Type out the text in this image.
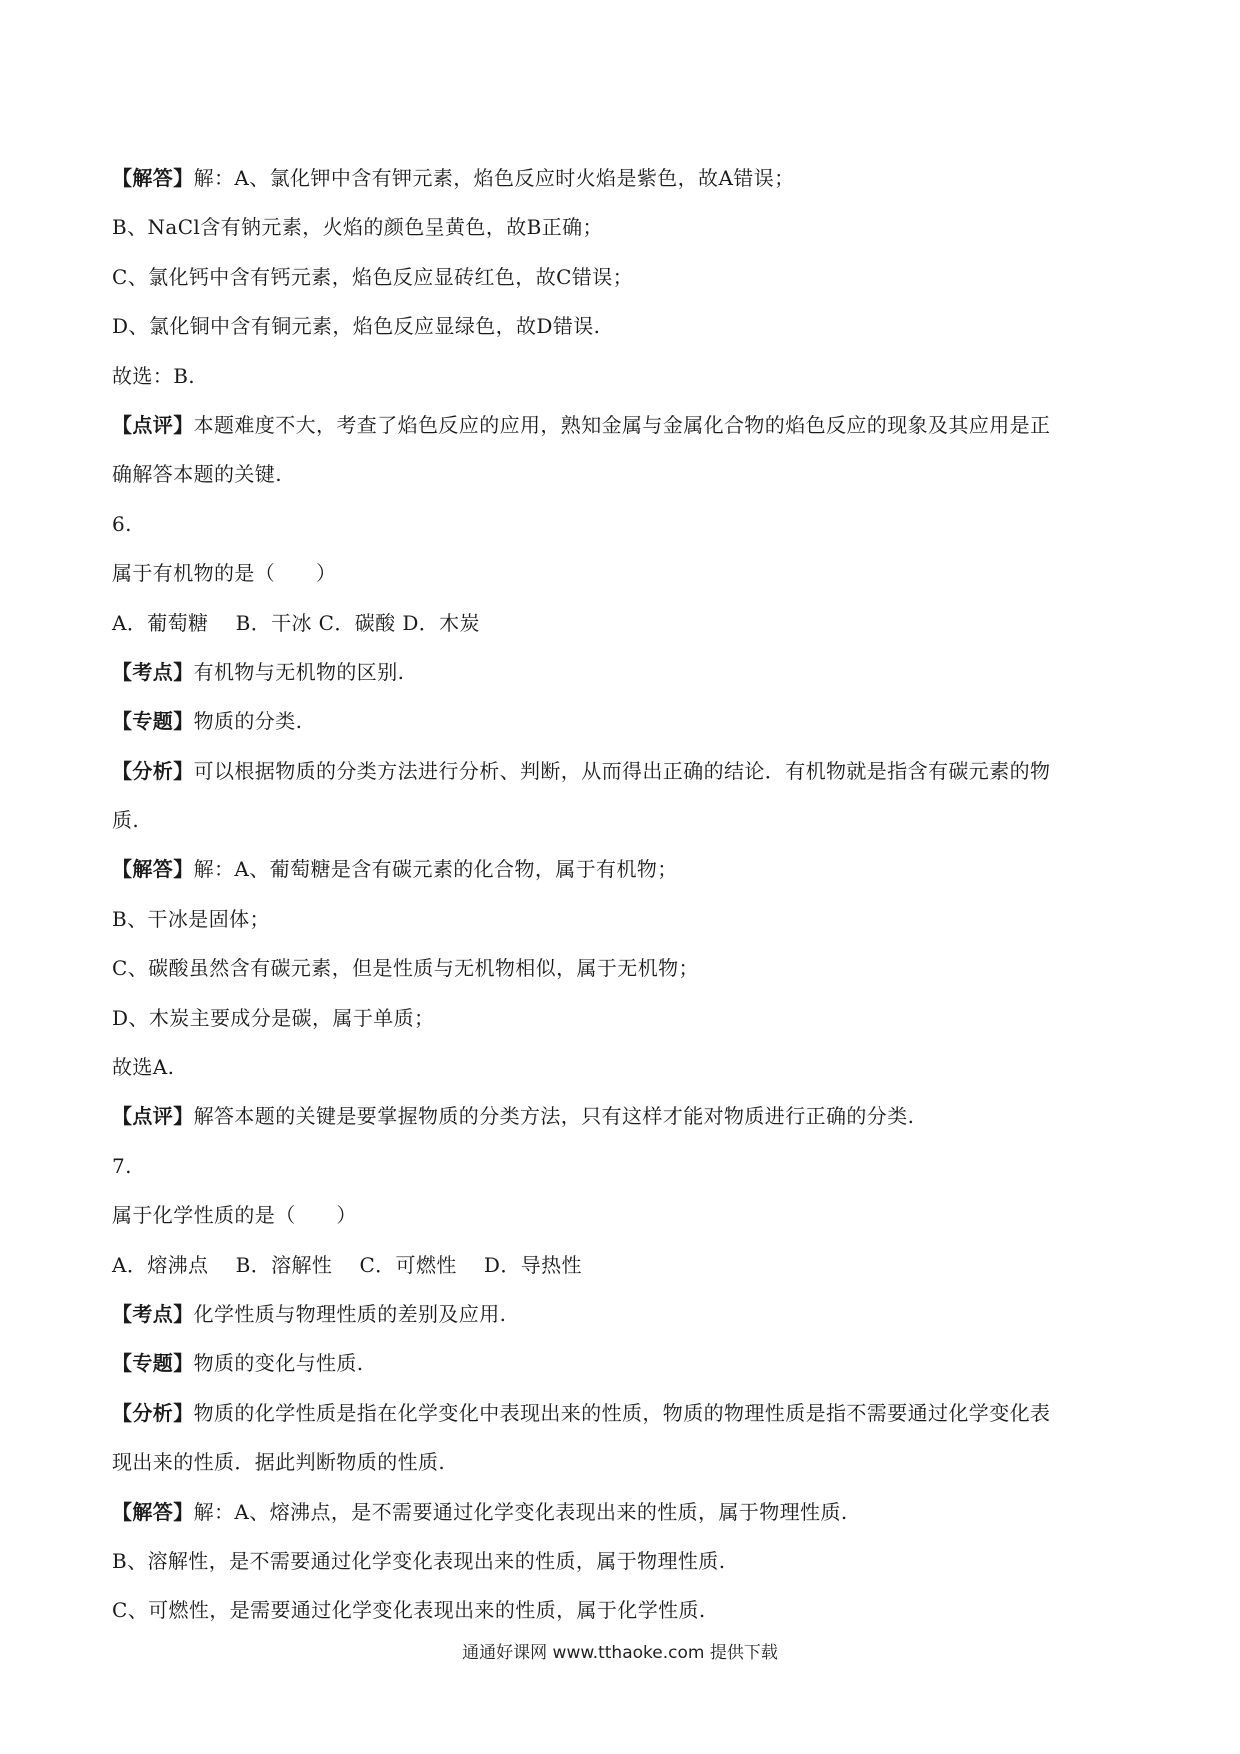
【解答】解：A、氯化钾中含有钾元素，焰色反应时火焰是紫色，故A错误；
B、NaCl含有钠元素，火焰的颜色呈黄色，故B正确；
C、氯化钙中含有钙元素，焰色反应显砖红色，故C错误；
D、氯化铜中含有铜元素，焰色反应显绿色，故D错误.
故选：B.
【点评】本题难度不大，考查了焰色反应的应用，熟知金属与金属化合物的焰色反应的现象及其应用是正
确解答本题的关键.
6.
属于有机物的是（　　）
A．葡萄糖　 B．干冰 C．碳酸 D．木炭
【考点】有机物与无机物的区别.
【专题】物质的分类.
【分析】可以根据物质的分类方法进行分析、判断，从而得出正确的结论．有机物就是指含有碳元素的物
质.
【解答】解：A、葡萄糖是含有碳元素的化合物，属于有机物；
B、干冰是固体；
C、碳酸虽然含有碳元素，但是性质与无机物相似，属于无机物；
D、木炭主要成分是碳，属于单质；
故选A.
【点评】解答本题的关键是要掌握物质的分类方法，只有这样才能对物质进行正确的分类.
7.
属于化学性质的是（　　）
A．熔沸点　 B．溶解性　 C．可燃性　 D．导热性
【考点】化学性质与物理性质的差别及应用.
【专题】物质的变化与性质.
【分析】物质的化学性质是指在化学变化中表现出来的性质，物质的物理性质是指不需要通过化学变化表
现出来的性质．据此判断物质的性质.
【解答】解：A、熔沸点，是不需要通过化学变化表现出来的性质，属于物理性质.
B、溶解性，是不需要通过化学变化表现出来的性质，属于物理性质.
C、可燃性，是需要通过化学变化表现出来的性质，属于化学性质.
通通好课网 www.tthaoke.com 提供下载
